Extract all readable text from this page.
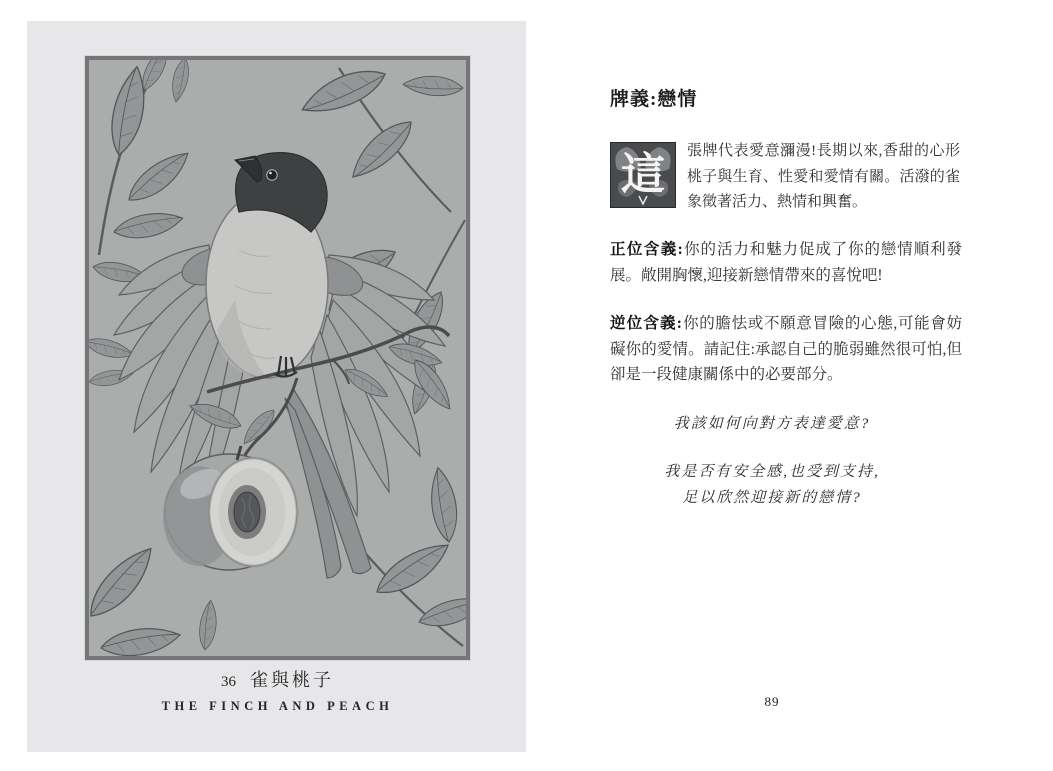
36 雀與桃子
THE FINCH AND PEACH
牌義:戀情
這	張牌代表愛意瀰漫!長期以來,香甜的心形桃子與生育、性愛和愛情有關。活潑的雀象徵著活力、熱情和興奮。

正位含義:你的活力和魅力促成了你的戀情順利發展。敞開胸懷,迎接新戀情帶來的喜悅吧!

逆位含義:你的膽怯或不願意冒險的心態,可能會妨礙你的愛情。請記住:承認自己的脆弱雖然很可怕,但卻是一段健康關係中的必要部分。

我該如何向對方表達愛意?
我是否有安全感,也受到支持,
足以欣然迎接新的戀情?
89
